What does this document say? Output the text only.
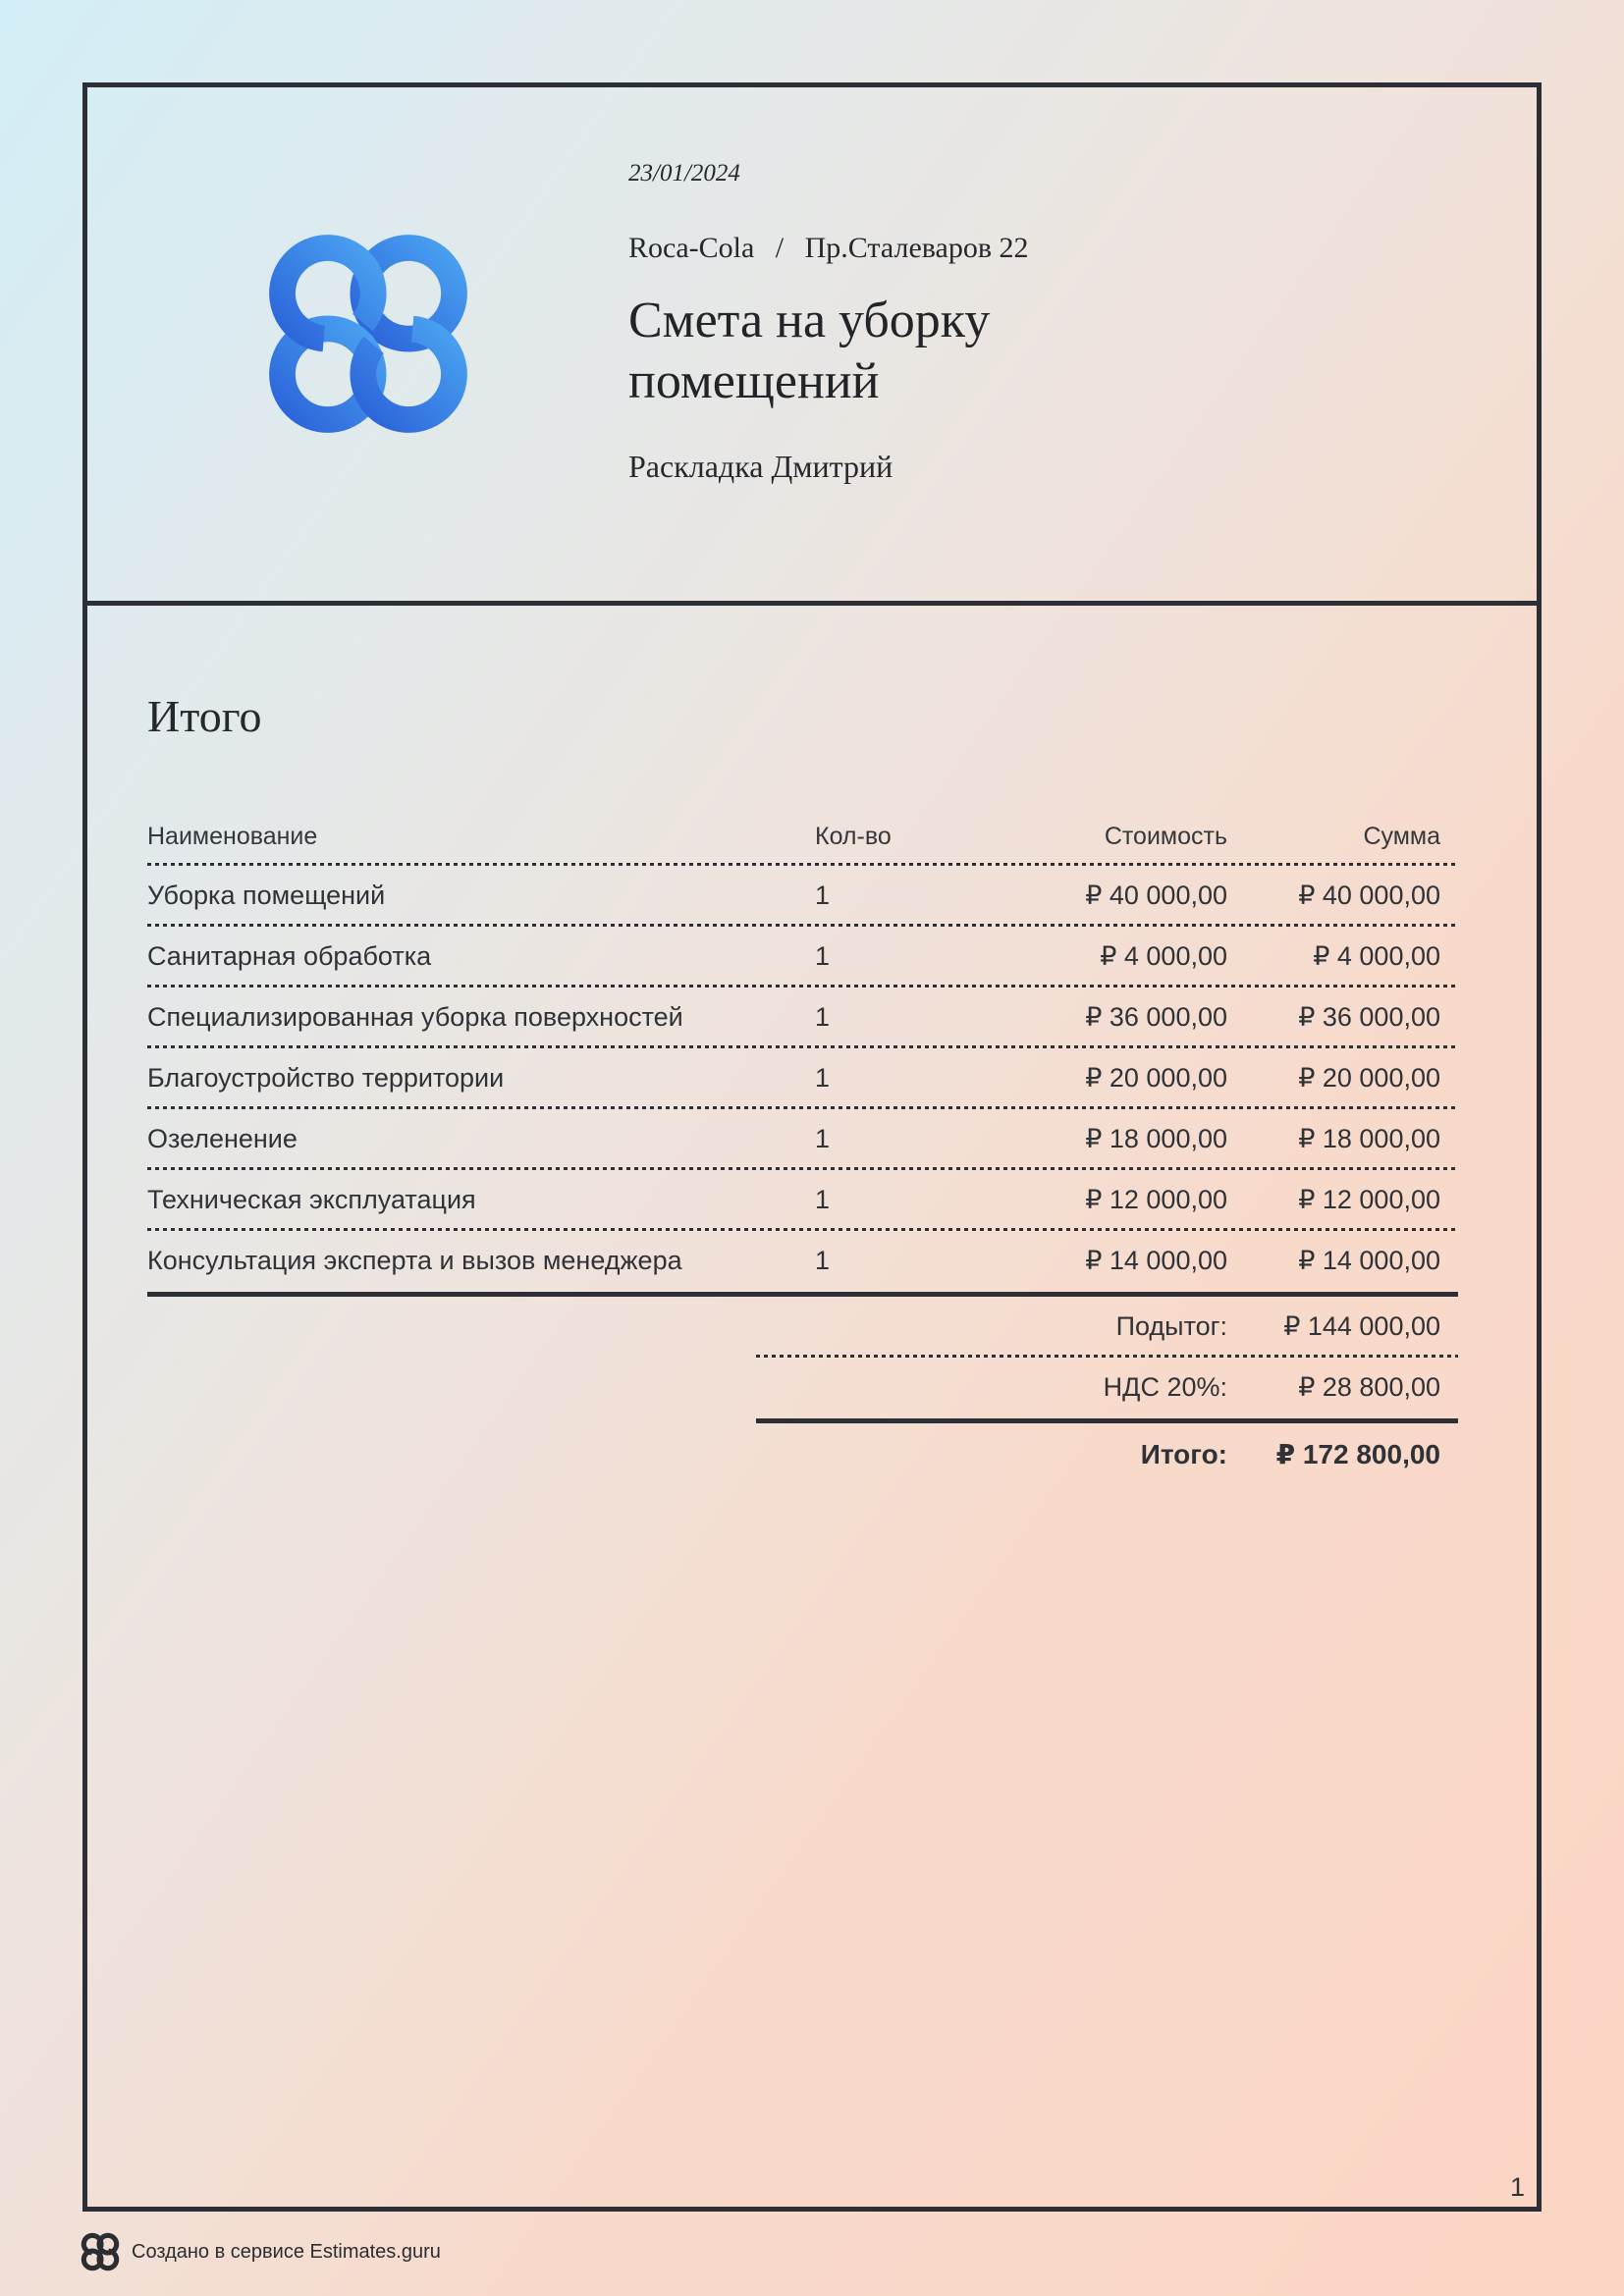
23/01/2024
Roca-Cola / Пр.Сталеваров 22
Смета на уборку помещений
Раскладка Дмитрий
Итого
Наименование	Кол-во	Стоимость	Сумма
Уборка помещений	1	₽ 40 000,00	₽ 40 000,00
Санитарная обработка	1	₽ 4 000,00	₽ 4 000,00
Специализированная уборка поверхностей	1	₽ 36 000,00	₽ 36 000,00
Благоустройство территории	1	₽ 20 000,00	₽ 20 000,00
Озеленение	1	₽ 18 000,00	₽ 18 000,00
Техническая эксплуатация	1	₽ 12 000,00	₽ 12 000,00
Консультация эксперта и вызов менеджера	1	₽ 14 000,00	₽ 14 000,00
Подытог:	₽ 144 000,00
НДС 20%:	₽ 28 800,00
Итого:	₽ 172 800,00
1
Создано в сервисе Estimates.guru
